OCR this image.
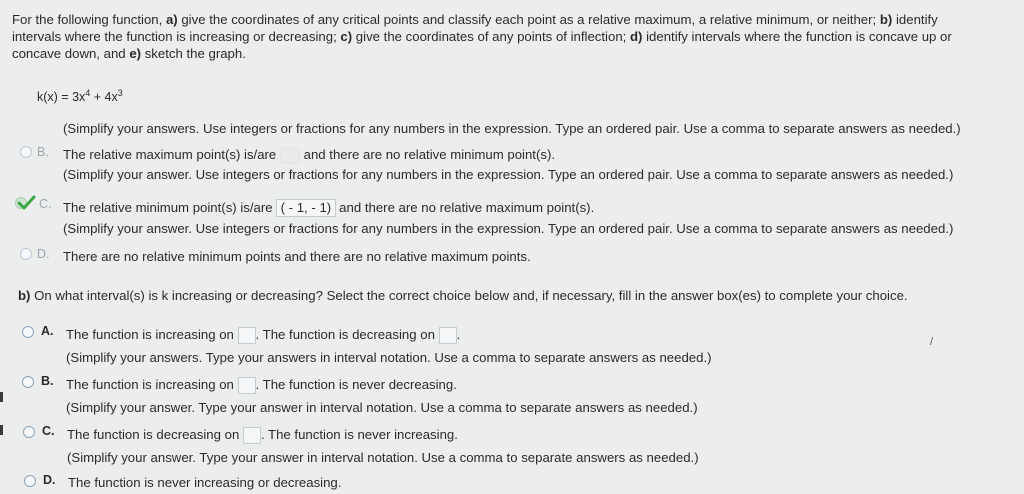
For the following function, a) give the coordinates of any critical points and classify each point as a relative maximum, a relative minimum, or neither; b) identify
intervals where the function is increasing or decreasing; c) give the coordinates of any points of inflection; d) identify intervals where the function is concave up or
concave down, and e) sketch the graph.
$k(x) = 3x^4 + 4x^3$
(Simplify your answers. Use integers or fractions for any numbers in the expression. Type an ordered pair. Use a comma to separate answers as needed.)
B. The relative maximum point(s) is/are and there are no relative minimum point(s).
(Simplify your answer. Use integers or fractions for any numbers in the expression. Type an ordered pair. Use a comma to separate answers as needed.)
C. The relative minimum point(s) is/are ( - 1, - 1) and there are no relative maximum point(s).
(Simplify your answer. Use integers or fractions for any numbers in the expression. Type an ordered pair. Use a comma to separate answers as needed.)
D. There are no relative minimum points and there are no relative maximum points.
b) On what interval(s) is k increasing or decreasing? Select the correct choice below and, if necessary, fill in the answer box(es) to complete your choice.
A. The function is increasing on . The function is decreasing on .
(Simplify your answers. Type your answers in interval notation. Use a comma to separate answers as needed.)
B. The function is increasing on . The function is never decreasing.
(Simplify your answer. Type your answer in interval notation. Use a comma to separate answers as needed.)
C. The function is decreasing on . The function is never increasing.
(Simplify your answer. Type your answer in interval notation. Use a comma to separate answers as needed.)
D. The function is never increasing or decreasing.
/
